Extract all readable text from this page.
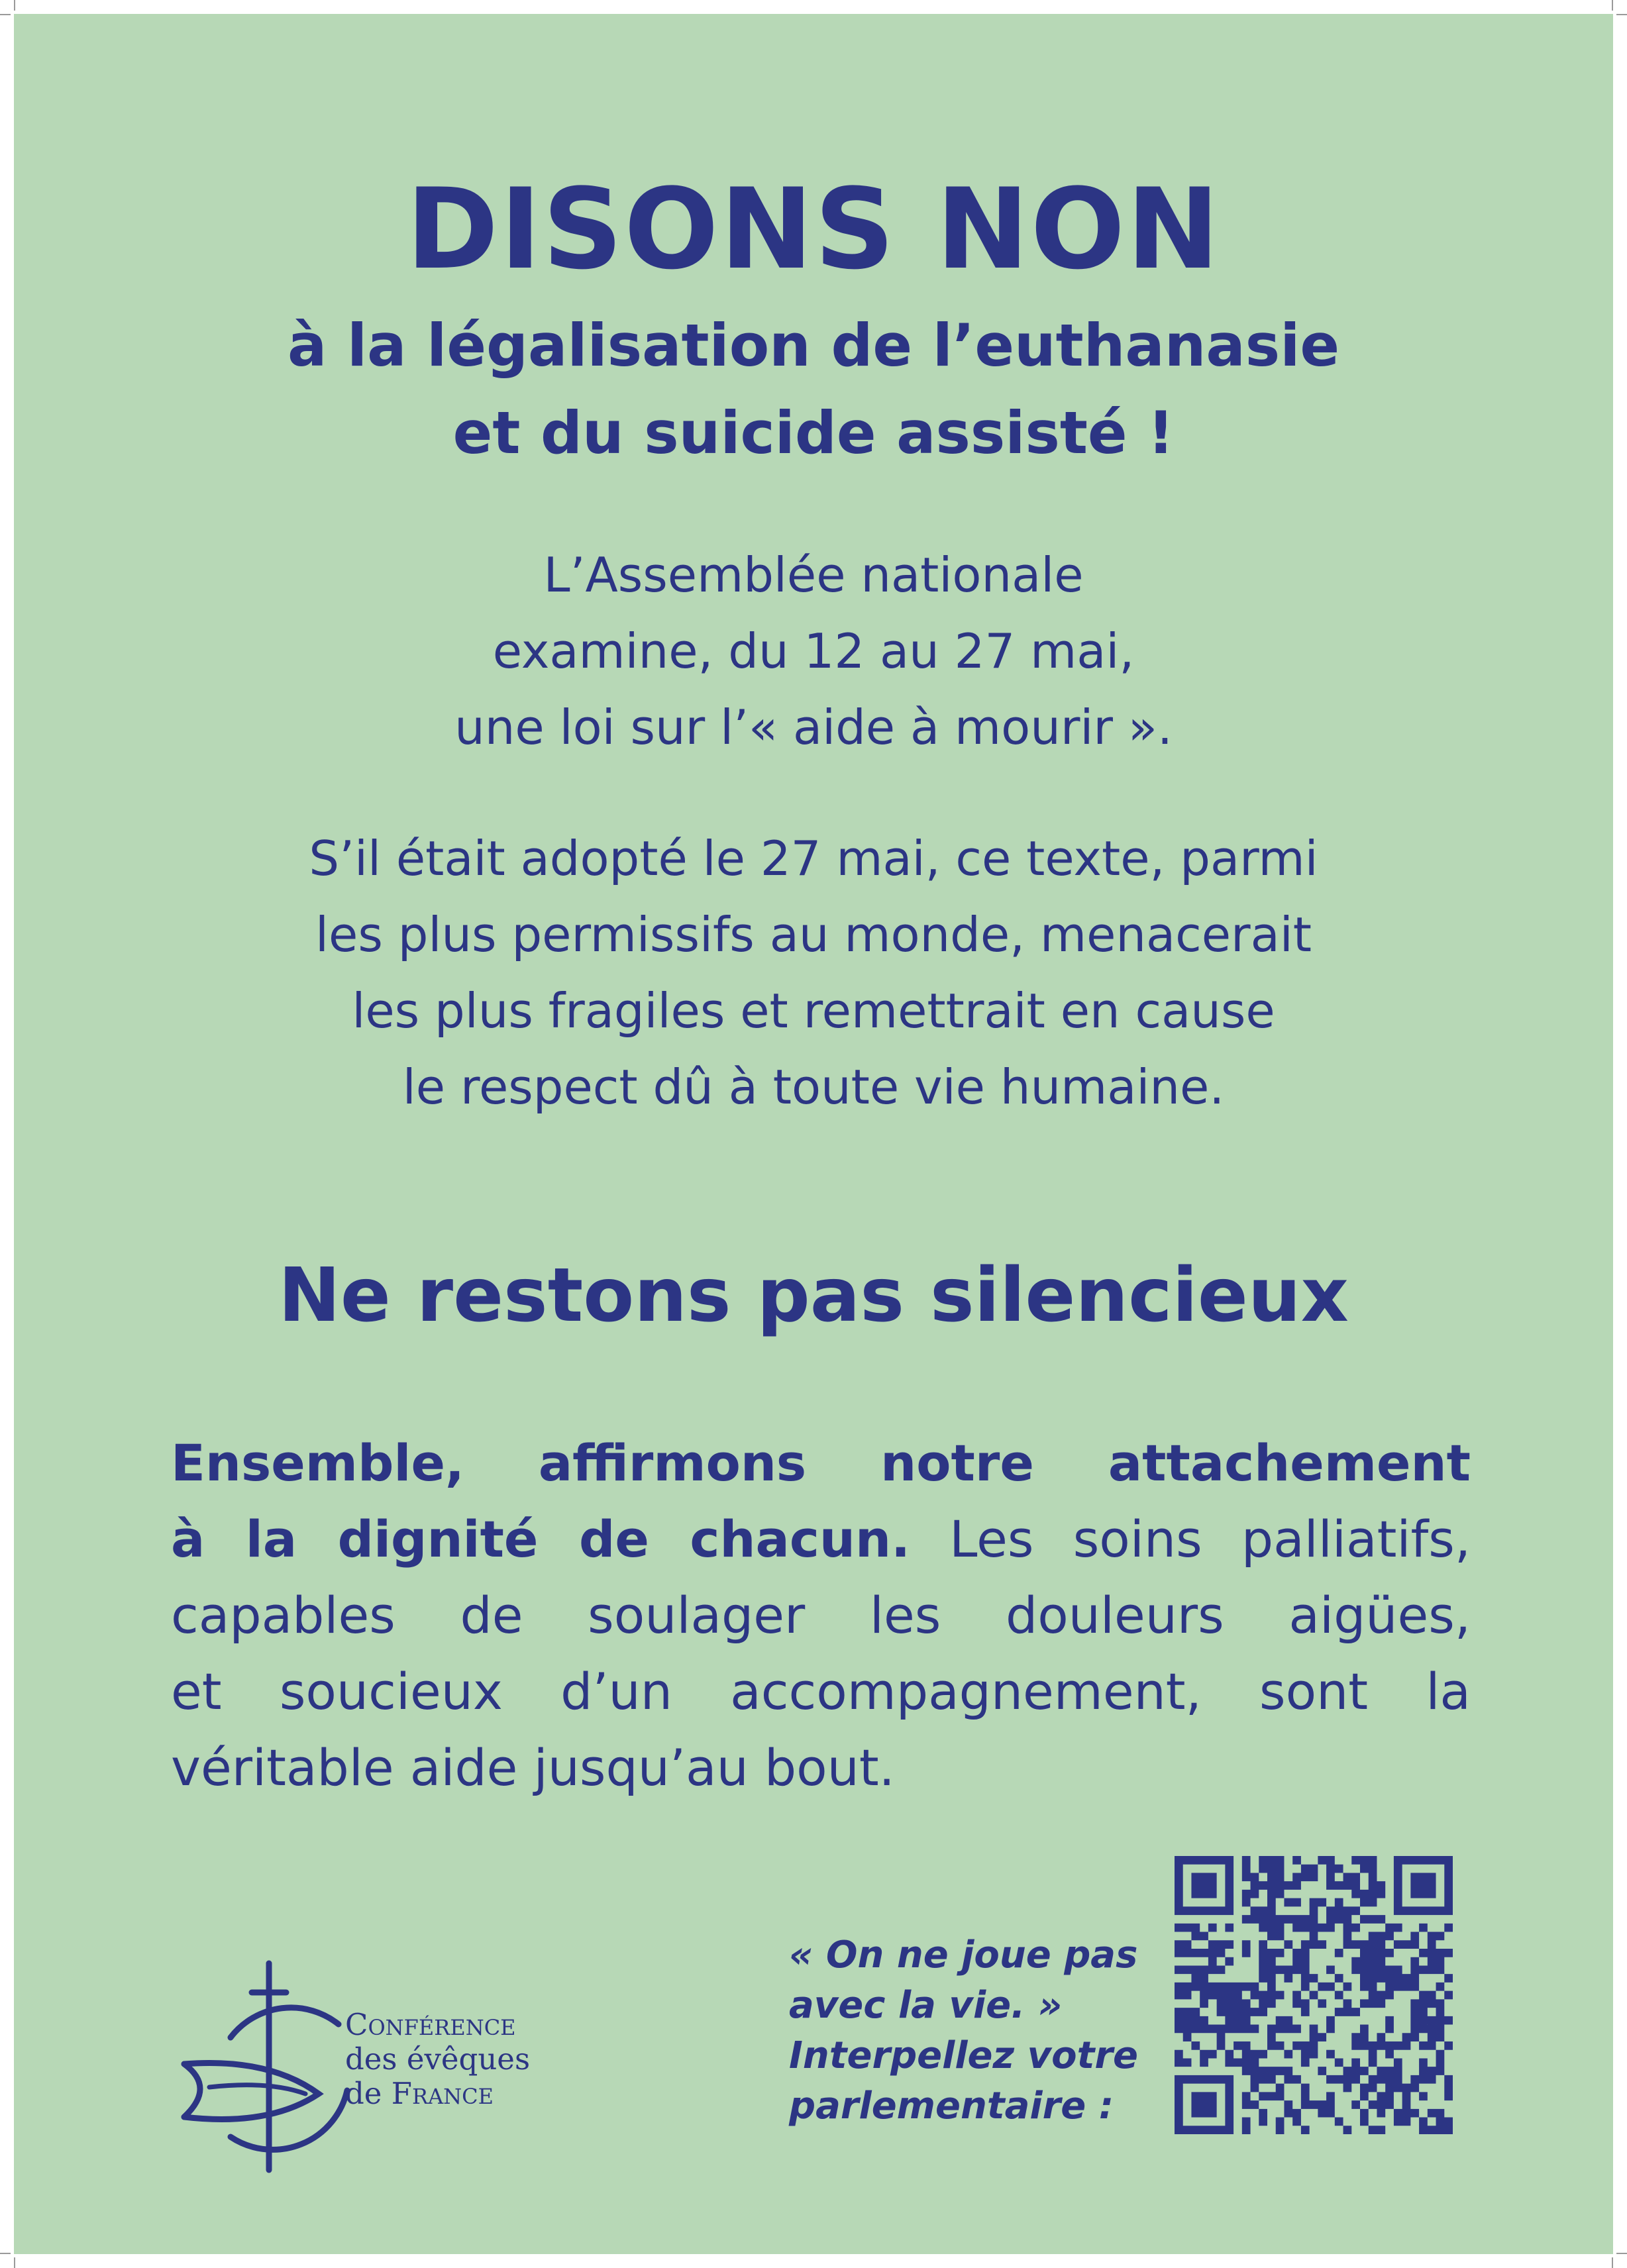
DISONS NON
à la légalisation de l’euthanasie
et du suicide assisté !
L’Assemblée nationale
examine, du 12 au 27 mai,
une loi sur l’« aide à mourir ».
S’il était adopté le 27 mai, ce texte, parmi
les plus permissifs au monde, menacerait
les plus fragiles et remettrait en cause
le respect dû à toute vie humaine.
Ne restons pas silencieux
Ensemble, affirmons notre attachement
à la dignité de chacun. Les soins palliatifs,
capables de soulager les douleurs aigües,
et soucieux d’un accompagnement, sont la
véritable aide jusqu’au bout.
Conférence
des évêques
de France
« On ne joue pas
avec la vie. »
Interpellez votre
parlementaire :
